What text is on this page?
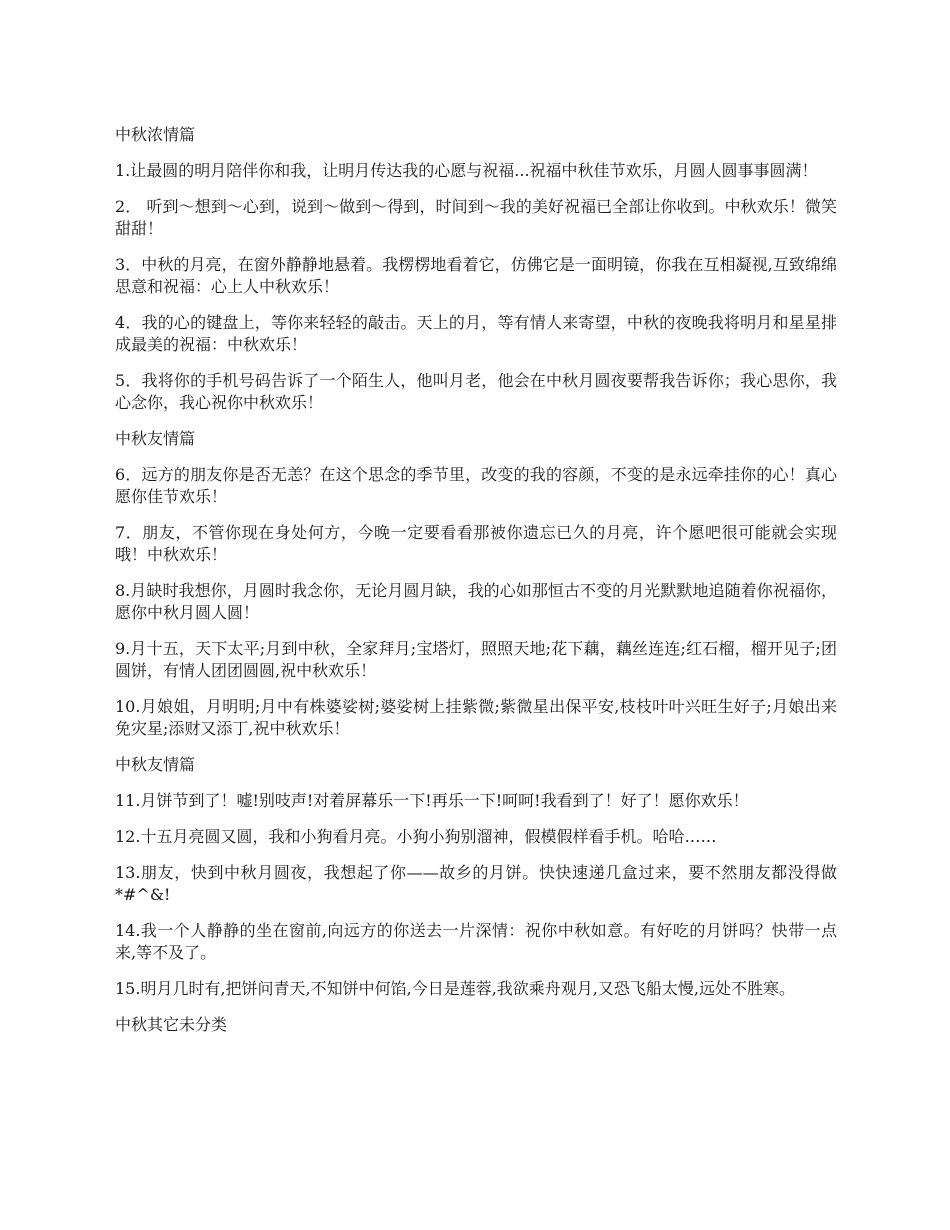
中秋浓情篇
1.让最圆的明月陪伴你和我，让明月传达我的心愿与祝福...祝福中秋佳节欢乐，月圆人圆事事圆满！
2． 听到～想到～心到，说到～做到～得到，时间到～我的美好祝福已全部让你收到。中秋欢乐！微笑甜甜！
3．中秋的月亮，在窗外静静地悬着。我楞楞地看着它，仿佛它是一面明镜，你我在互相凝视,互致绵绵思意和祝福：心上人中秋欢乐！
4．我的心的键盘上，等你来轻轻的敲击。天上的月，等有情人来寄望，中秋的夜晚我将明月和星星排成最美的祝福：中秋欢乐！
5．我将你的手机号码告诉了一个陌生人，他叫月老，他会在中秋月圆夜要帮我告诉你；我心思你，我心念你，我心祝你中秋欢乐！
中秋友情篇
6．远方的朋友你是否无恙？在这个思念的季节里，改变的我的容颜，不变的是永远牵挂你的心！真心愿你佳节欢乐！
7．朋友，不管你现在身处何方，今晚一定要看看那被你遗忘已久的月亮，许个愿吧很可能就会实现哦！中秋欢乐！
8.月缺时我想你，月圆时我念你，无论月圆月缺，我的心如那恒古不变的月光默默地追随着你祝福你，愿你中秋月圆人圆！
9.月十五，天下太平;月到中秋，全家拜月;宝塔灯，照照天地;花下藕，藕丝连连;红石榴，榴开见子;团圆饼，有情人团团圆圆,祝中秋欢乐！
10.月娘姐，月明明;月中有株婆娑树;婆娑树上挂紫微;紫微星出保平安,枝枝叶叶兴旺生好子;月娘出来免灾星;添财又添丁,祝中秋欢乐！
中秋友情篇
11.月饼节到了！嘘!别吱声!对着屏幕乐一下!再乐一下!呵呵!我看到了！好了！愿你欢乐！
12.十五月亮圆又圆，我和小狗看月亮。小狗小狗别溜神，假模假样看手机。哈哈……
13.朋友，快到中秋月圆夜，我想起了你——故乡的月饼。快快速递几盒过来，要不然朋友都没得做*#^&!
14.我一个人静静的坐在窗前,向远方的你送去一片深情：祝你中秋如意。有好吃的月饼吗？快带一点来,等不及了。
15.明月几时有,把饼问青天,不知饼中何馅,今日是莲蓉,我欲乘舟观月,又恐飞船太慢,远处不胜寒。
中秋其它未分类
